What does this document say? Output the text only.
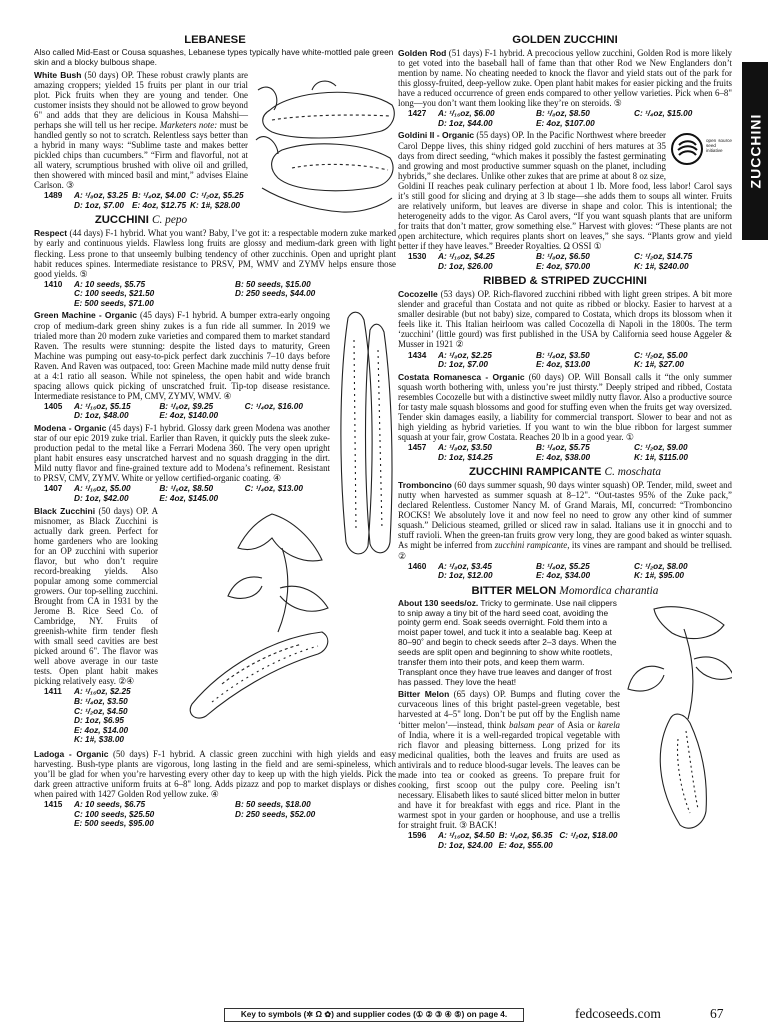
LEBANESE
Also called Mid-East or Cousa squashes, Lebanese types typically have white-mottled pale green skin and a blocky bulbous shape.
White Bush (50 days) OP. These robust crawly plants are amazing croppers; yielded 15 fruits per plant in our trial plot. Pick fruits when they are young and tender. One customer insists they should not be allowed to grow beyond 6" and adds that they are delicious in Kousa Mahshi—perhaps she will tell us her recipe. Marketers note: must be handled gently so not to scratch. Relentless says better than a hybrid in many ways: “Sublime taste and makes better pickled chips than cucumbers.” “Firm and flavorful, not at all watery, scrumptious brushed with olive oil and grilled, then showered with minced basil and mint,” advises Elaine Carlson. ③
1489	A: ¹/₈oz, $3.25 B: ¹/₄oz, $4.00 C: ¹/₂oz, $5.25
D: 1oz, $7.00 E: 4oz, $12.75 K: 1#, $28.00
ZUCCHINI C. pepo
Respect (44 days) F-1 hybrid. What you want? Baby, I’ve got it: a respectable modern zuke marked by early and continuous yields. Flawless long fruits are glossy and medium-dark green with light flecking. Less prone to that unseemly bulbing tendency of other zucchinis. Open and upright plant habit reduces spines. Intermediate resistance to PRSV, PM, WMV and ZYMV helps ensure those good yields. ⑤
1410	A: 10 seeds, $5.75	B: 50 seeds, $15.00
C: 100 seeds, $21.50	D: 250 seeds, $44.00
E: 500 seeds, $71.00
Green Machine - Organic (45 days) F-1 hybrid. A bumper extra-early ongoing crop of medium-dark green shiny zukes is a fun ride all summer. In 2019 we trialed more than 20 modern zuke varieties and compared them to market standard Raven. The results were stunning: despite the listed days to maturity, Green Machine was pumping out easy-to-pick perfect dark zucchinis 7–10 days before Raven. And Raven was outpaced, too: Green Machine made mild nutty dense fruit at a 4:1 ratio all season. While not spineless, the open habit and wide branch spacing allows quick picking of unscratched fruit. Tip-top disease resistance. Intermediate resistance to PM, CMV, ZYMV, WMV. ④
1405	A: ¹/₁₆oz, $5.15	B: ¹/₈oz, $9.25	C: ¹/₄oz, $16.00
D: 1oz, $48.00	E: 4oz, $140.00
Modena - Organic (45 days) F-1 hybrid. Glossy dark green Modena was another star of our epic 2019 zuke trial. Earlier than Raven, it quickly puts the sleek zuke-production pedal to the metal like a Ferrari Modena 360. The very open upright plant habit ensures easy unscratched harvest and no squash dragging in the dirt. Mild nutty flavor and fine-grained texture add to Modena’s refinement. Resistant to PRSV, CMV, ZYMV. White or yellow certified-organic coating. ④
1407	A: ¹/₁₆oz, $5.00	B: ¹/₈oz, $8.50	C: ¹/₄oz, $13.00
D: 1oz, $42.00	E: 4oz, $145.00
Black Zucchini (50 days) OP. A misnomer, as Black Zucchini is actually dark green. Perfect for home gardeners who are looking for an OP zucchini with superior flavor, but who don’t require record-breaking yields. Also popular among some commercial growers. Our top-selling zucchini. Brought from CA in 1931 by the Jerome B. Rice Seed Co. of Cambridge, NY. Fruits of greenish-white firm tender flesh with small seed cavities are best picked around 6". The flavor was well above average in our taste tests. Open plant habit makes picking relatively easy. ②④
1411	A: ¹/₁₆oz, $2.25
B: ¹/₄oz, $3.50
C: ¹/₂oz, $4.50
D: 1oz, $6.95
E: 4oz, $14.00
K: 1#, $38.00
Ladoga - Organic (50 days) F-1 hybrid. A classic green zucchini with high yields and easy harvesting. Bush-type plants are vigorous, long lasting in the field and are semi-spineless, which you’ll be glad for when you’re harvesting every other day to keep up with the high yields. Pick the dark green attractive uniform fruits at 6–8" long. Adds pizazz and pop to market displays or dishes when paired with 1427 Golden Rod yellow zuke. ④
1415	A: 10 seeds, $6.75	B: 50 seeds, $18.00
C: 100 seeds, $25.50	D: 250 seeds, $52.00
E: 500 seeds, $95.00
GOLDEN ZUCCHINI
Golden Rod (51 days) F-1 hybrid. A precocious yellow zucchini, Golden Rod is more likely to get voted into the baseball hall of fame than that other Rod we New Englanders don’t mention by name. No cheating needed to knock the flavor and yield stats out of the park for this glossy-fruited, deep-yellow zuke. Open plant habit makes for easier picking and the fruits have a reduced occurrence of green ends compared to other yellow varieties. Pick when 6–8" long—you don’t want them looking like they’re on steroids. ⑤
1427	A: ¹/₁₆oz, $6.00	B: ¹/₈oz, $8.50	C: ¹/₄oz, $15.00
D: 1oz, $44.00	E: 4oz, $107.00
open source seed initiative
Goldini II - Organic (55 days) OP. In the Pacific Northwest where breeder Carol Deppe lives, this shiny ridged gold zucchini of hers matures at 35 days from direct seeding, “which makes it possibly the fastest germinating and growing and most productive summer squash on the planet, including hybrids,” she declares. Unlike other zukes that are prime at about 8 oz size, Goldini II reaches peak culinary perfection at about 1 lb. More food, less labor! Carol says it’s still good for slicing and drying at 3 lb stage—she adds them to soups all winter. Fruits are relatively uniform, but leaves are diverse in shape and color. This is intentional; the heterogeneity adds to the vigor. As Carol avers, “If you want squash plants that are uniform for traits that don’t matter, grow something else.” Harvest with gloves: “These plants are not open architecture, which requires plants short on leaves,” she says. “Plants grow and yield better if they have leaves.” Breeder Royalties. Ω OSSI ①
1530	A: ¹/₁₆oz, $4.25	B: ¹/₈oz, $6.50	C: ¹/₂oz, $14.75
D: 1oz, $26.00	E: 4oz, $70.00	K: 1#, $240.00
RIBBED & STRIPED ZUCCHINI
Cocozelle (53 days) OP. Rich-flavored zucchini ribbed with light green stripes. A bit more slender and graceful than Costata and not quite as ribbed or blocky. Easier to harvest at a smaller desirable (but not baby) size, compared to Costata, which drops its blossom when it feels like it. This Italian heirloom was called Cocozella di Napoli in the 1800s. The term ‘zucchini’ (little gourd) was first published in the USA by California seed house Aggeler & Musser in 1921 ②
1434	A: ¹/₈oz, $2.25	B: ¹/₄oz, $3.50	C: ¹/₂oz, $5.00
D: 1oz, $7.00	E: 4oz, $13.00	K: 1#, $27.00
Costata Romanesca - Organic (60 days) OP. Will Bonsall calls it “the only summer squash worth bothering with, unless you’re just thirsty.” Deeply striped and ribbed, Costata resembles Cocozelle but with a distinctive sweet mildly nutty flavor. Also a productive source for tasty male squash blossoms and good for stuffing even when the fruits get way oversized. Tender skin damages easily, a liability for commercial transport. Slower to bear and not as high yielding as hybrid varieties. If you want to win the blue ribbon for largest summer squash at your fair, grow Costata. Reaches 20 lb in a good year. ①
1457	A: ¹/₈oz, $3.50	B: ¹/₄oz, $5.75	C: ¹/₂oz, $9.00
D: 1oz, $14.25	E: 4oz, $38.00	K: 1#, $115.00
ZUCCHINI RAMPICANTE C. moschata
Tromboncino (60 days summer squash, 90 days winter squash) OP. Tender, mild, sweet and nutty when harvested as summer squash at 8–12". “Out-tastes 95% of the Zuke pack,” declared Relentless. Customer Nancy M. of Grand Marais, MI, concurred: “Tromboncino ROCKS! We absolutely love it and now feel no need to grow any other kind of summer squash.” Delicious steamed, grilled or sliced raw in salad. Italians use it in gnocchi and to stuff ravioli. When the green-tan fruits grow very long, they are good baked as winter squash. As might be inferred from zucchini rampicante, its vines are rampant and should be trellised. ②
1460	A: ¹/₈oz, $3.45	B: ¹/₄oz, $5.25	C: ¹/₂oz, $8.00
D: 1oz, $12.00	E: 4oz, $34.00	K: 1#, $95.00
BITTER MELON Momordica charantia
About 130 seeds/oz. Tricky to germinate. Use nail clippers to snip away a tiny bit of the hard seed coat, avoiding the pointy germ end. Soak seeds overnight. Fold them into a moist paper towel, and tuck it into a sealable bag. Keep at 80–90˚ and begin to check seeds after 2–3 days. When the seeds are split open and beginning to show white rootlets, transfer them into their pots, and keep them warm. Transplant once they have true leaves and danger of frost has passed. They love the heat!
Bitter Melon (65 days) OP. Bumps and fluting cover the curvaceous lines of this bright pastel-green vegetable, best harvested at 4–5" long. Don’t be put off by the English name ‘bitter melon’—instead, think balsam pear of Asia or karela of India, where it is a well-regarded tropical vegetable with rich flavor and pleasing bitterness. Long prized for its medicinal qualities, both the leaves and fruits are used as antivirals and to reduce blood-sugar levels. The leaves can be made into tea or cooked as greens. To prepare fruit for cooking, first scoop out the pulpy core. Peeling isn’t necessary. Elisabeth likes to sauté sliced bitter melon in butter and have it for breakfast with eggs and rice. Plant in the warmest spot in your garden or hoophouse, and use a trellis for straight fruit. ③ BACK!
1596	A: ¹/₁₆oz, $4.50 B: ¹/₈oz, $6.35 C: ¹/₂oz, $18.00
D: 1oz, $24.00 E: 4oz, $55.00
ZUCCHINI
Key to symbols (✲ Ω ✿) and supplier codes (① ② ③ ④ ⑤) on page 4.	fedcoseeds.com	67
